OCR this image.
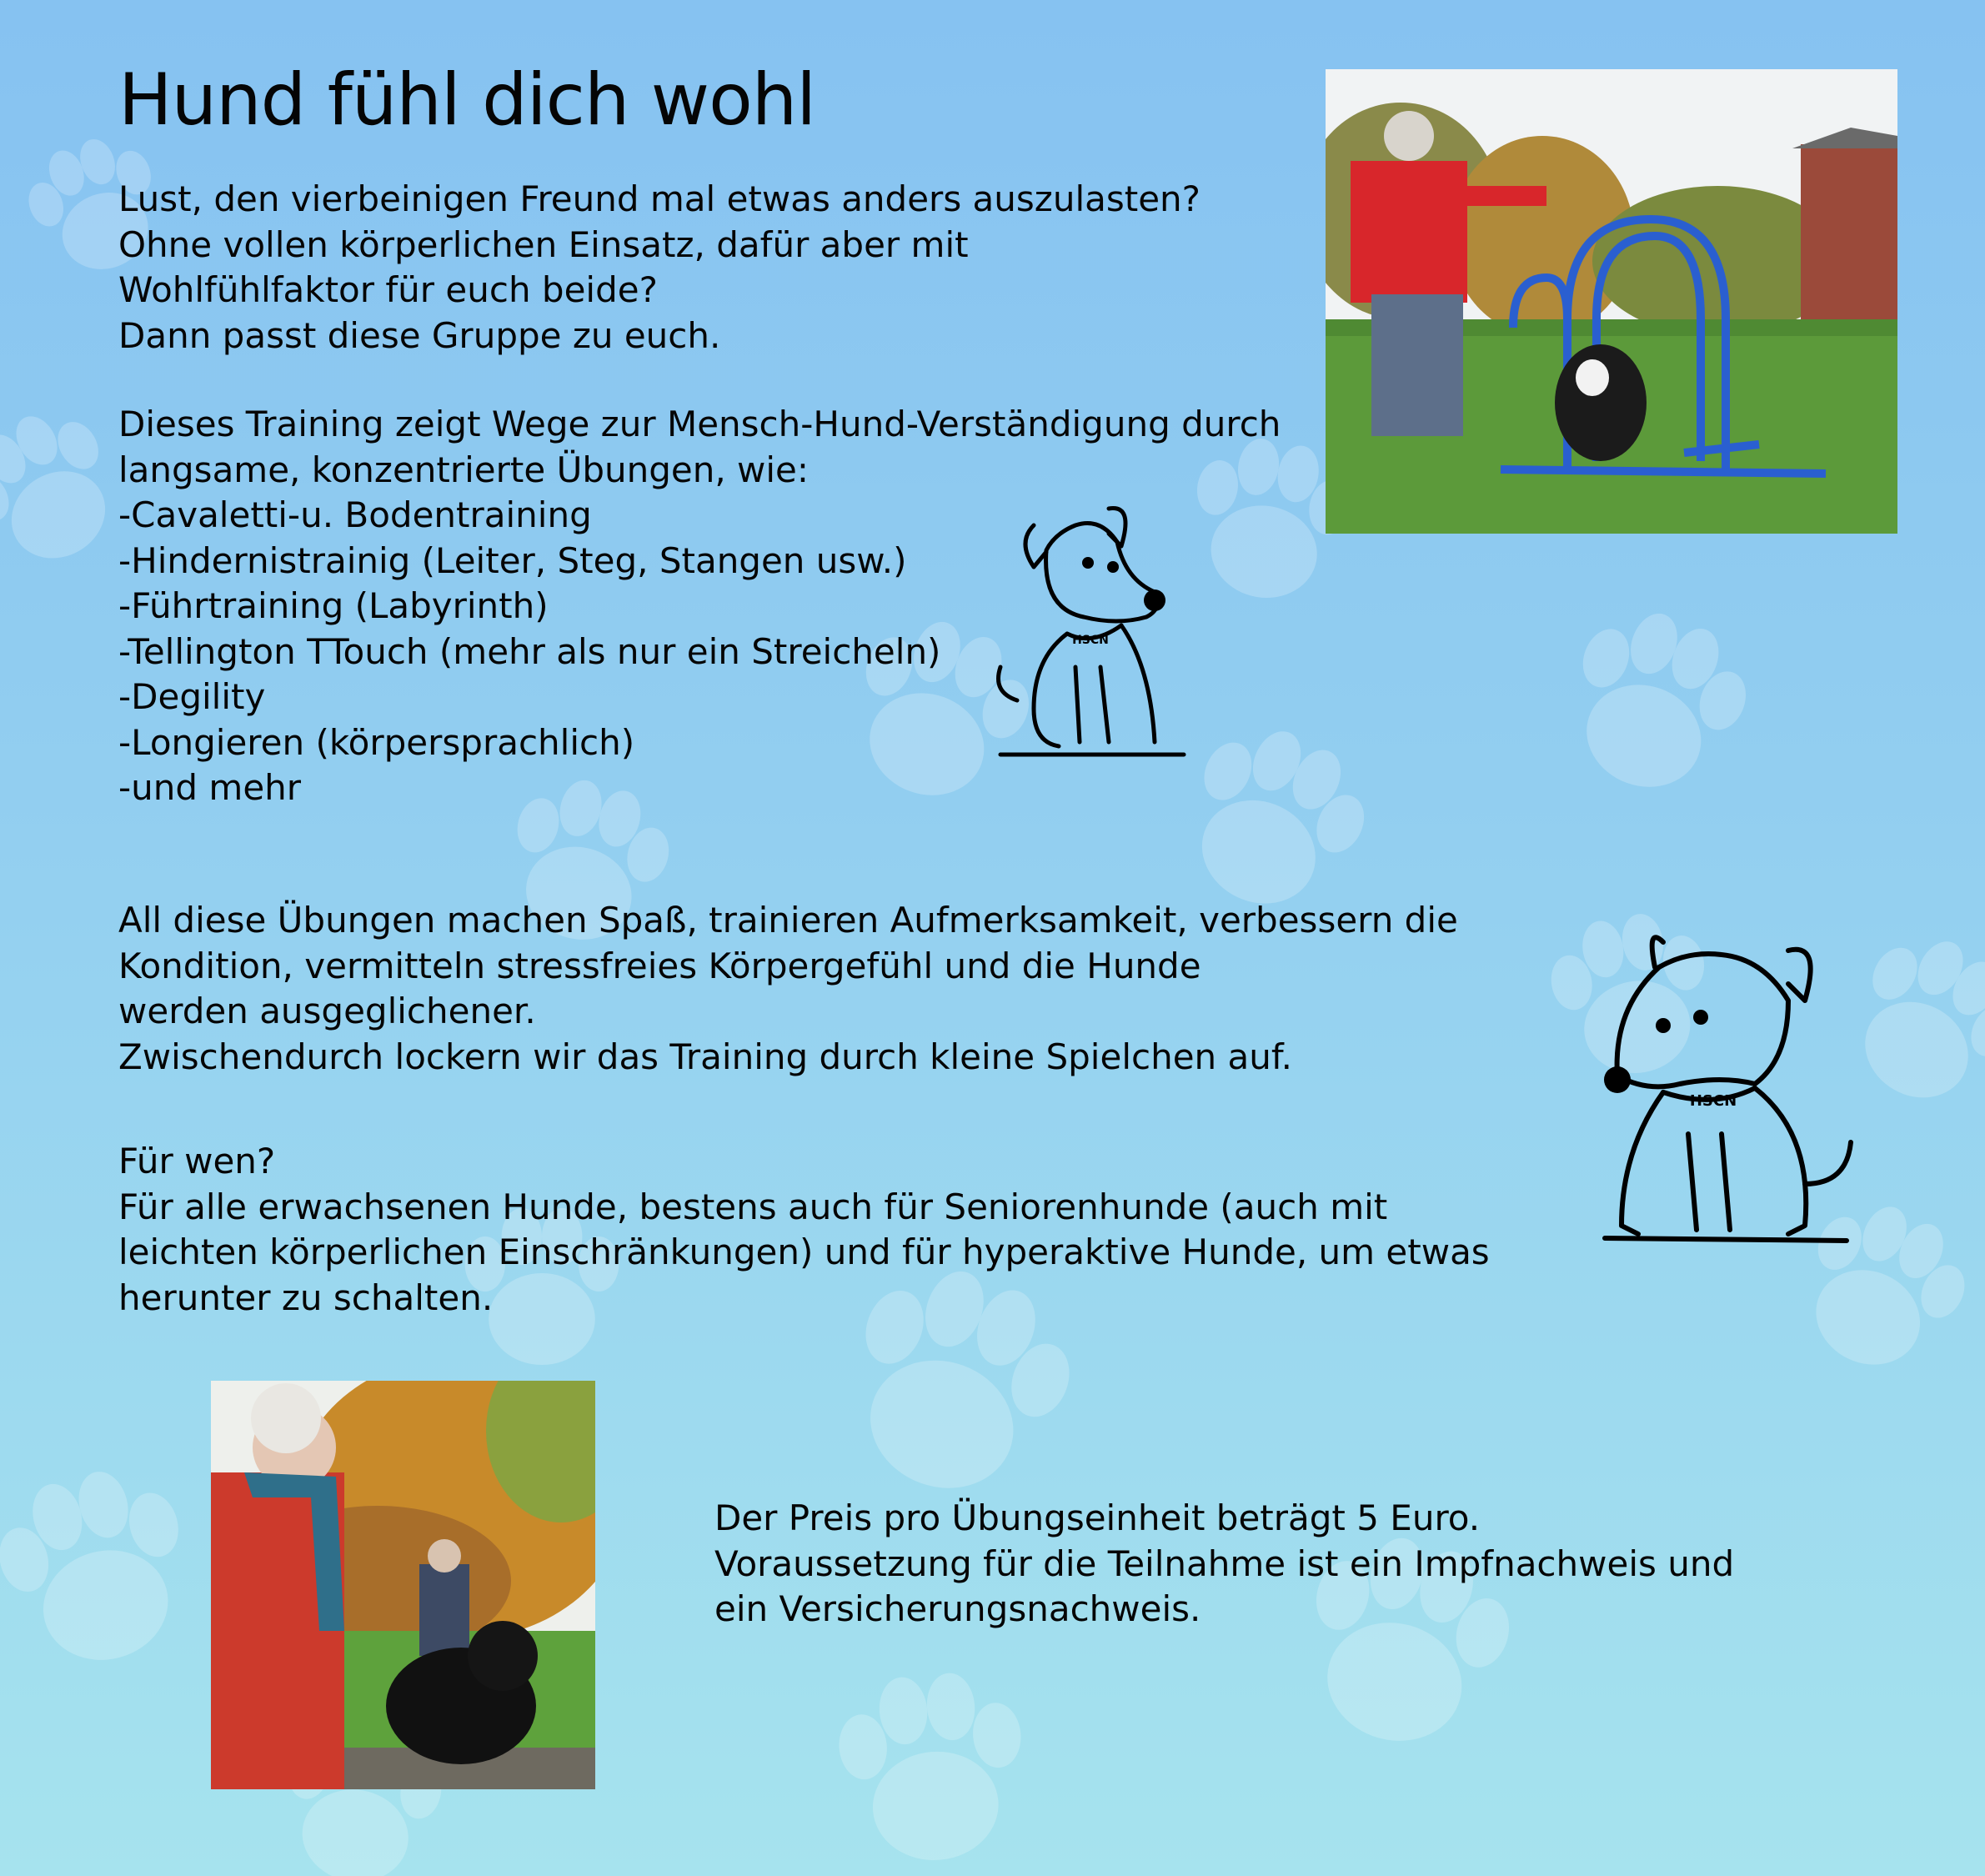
Hund fühl dich wohl

Lust, den vierbeinigen Freund mal etwas anders auszulasten?

Ohne vollen körperlichen Einsatz, dafür aber mit

Wohlfühlfaktor für euch beide?

Dann passt diese Gruppe zu euch.

Dieses Training zeigt Wege zur Mensch-Hund-Verständigung durch

langsame, konzentrierte Übungen, wie:

-Cavaletti-u. Bodentraining

-Hindernistrainig (Leiter, Steg, Stangen usw.)

-Führtraining (Labyrinth)

-Tellington TTouch (mehr als nur ein Streicheln)

-Degility

-Longieren (körpersprachlich)

-und mehr

All diese Übungen machen Spaß, trainieren Aufmerksamkeit, verbessern die

Kondition, vermitteln stressfreies Körpergefühl und die Hunde

werden ausgeglichener.

Zwischendurch lockern wir das Training durch kleine Spielchen auf.

Für wen?

Für alle erwachsenen Hunde, bestens auch für Seniorenhunde (auch mit

leichten körperlichen Einschränkungen) und für hyperaktive Hunde, um etwas

herunter zu schalten.

Der Preis pro Übungseinheit beträgt 5 Euro.

Voraussetzung für die Teilnahme ist ein Impfnachweis und

ein Versicherungsnachweis.

HSCN
HSCN
